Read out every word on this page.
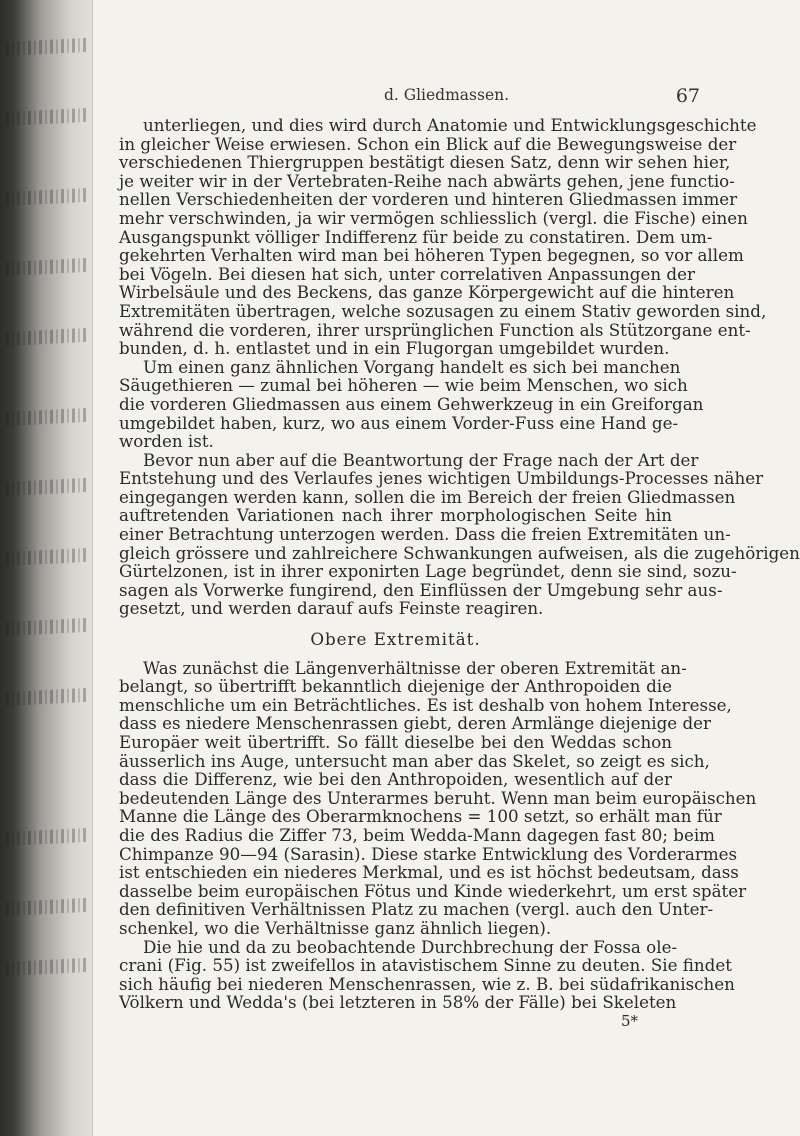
d. Gliedmassen.	67
unterliegen, und dies wird durch Anatomie und Entwicklungsgeschichte
in gleicher Weise erwiesen. Schon ein Blick auf die Bewegungsweise der
verschiedenen Thiergruppen bestätigt diesen Satz, denn wir sehen hier,
je weiter wir in der Vertebraten-Reihe nach abwärts gehen, jene functio-
nellen Verschiedenheiten der vorderen und hinteren Gliedmassen immer
mehr verschwinden, ja wir vermögen schliesslich (vergl. die Fische) einen
Ausgangspunkt völliger Indifferenz für beide zu constatiren. Dem um-
gekehrten Verhalten wird man bei höheren Typen begegnen, so vor allem
bei Vögeln. Bei diesen hat sich, unter correlativen Anpassungen der
Wirbelsäule und des Beckens, das ganze Körpergewicht auf die hinteren
Extremitäten übertragen, welche sozusagen zu einem Stativ geworden sind,
während die vorderen, ihrer ursprünglichen Function als Stützorgane ent-
bunden, d. h. entlastet und in ein Flugorgan umgebildet wurden.
Um einen ganz ähnlichen Vorgang handelt es sich bei manchen
Säugethieren — zumal bei höheren — wie beim Menschen, wo sich
die vorderen Gliedmassen aus einem Gehwerkzeug in ein Greiforgan
umgebildet haben, kurz, wo aus einem Vorder-Fuss eine Hand ge-
worden ist.
Bevor nun aber auf die Beantwortung der Frage nach der Art der
Entstehung und des Verlaufes jenes wichtigen Umbildungs-Processes näher
eingegangen werden kann, sollen die im Bereich der freien Gliedmassen
auftretenden Variationen nach ihrer morphologischen Seite hin
einer Betrachtung unterzogen werden. Dass die freien Extremitäten un-
gleich grössere und zahlreichere Schwankungen aufweisen, als die zugehörigen
Gürtelzonen, ist in ihrer exponirten Lage begründet, denn sie sind, sozu-
sagen als Vorwerke fungirend, den Einflüssen der Umgebung sehr aus-
gesetzt, und werden darauf aufs Feinste reagiren.
Obere Extremität.
Was zunächst die Längenverhältnisse der oberen Extremität an-
belangt, so übertrifft bekanntlich diejenige der Anthropoiden die
menschliche um ein Beträchtliches. Es ist deshalb von hohem Interesse,
dass es niedere Menschenrassen giebt, deren Armlänge diejenige der
Europäer weit übertrifft. So fällt dieselbe bei den Weddas schon
äusserlich ins Auge, untersucht man aber das Skelet, so zeigt es sich,
dass die Differenz, wie bei den Anthropoiden, wesentlich auf der
bedeutenden Länge des Unterarmes beruht. Wenn man beim europäischen
Manne die Länge des Oberarmknochens = 100 setzt, so erhält man für
die des Radius die Ziffer 73, beim Wedda-Mann dagegen fast 80; beim
Chimpanze 90—94 (Sarasin). Diese starke Entwicklung des Vorderarmes
ist entschieden ein niederes Merkmal, und es ist höchst bedeutsam, dass
dasselbe beim europäischen Fötus und Kinde wiederkehrt, um erst später
den definitiven Verhältnissen Platz zu machen (vergl. auch den Unter-
schenkel, wo die Verhältnisse ganz ähnlich liegen).
Die hie und da zu beobachtende Durchbrechung der Fossa ole-
crani (Fig. 55) ist zweifellos in atavistischem Sinne zu deuten. Sie findet
sich häufig bei niederen Menschenrassen, wie z. B. bei südafrikanischen
Völkern und Wedda's (bei letzteren in 58% der Fälle) bei Skeleten
5*
